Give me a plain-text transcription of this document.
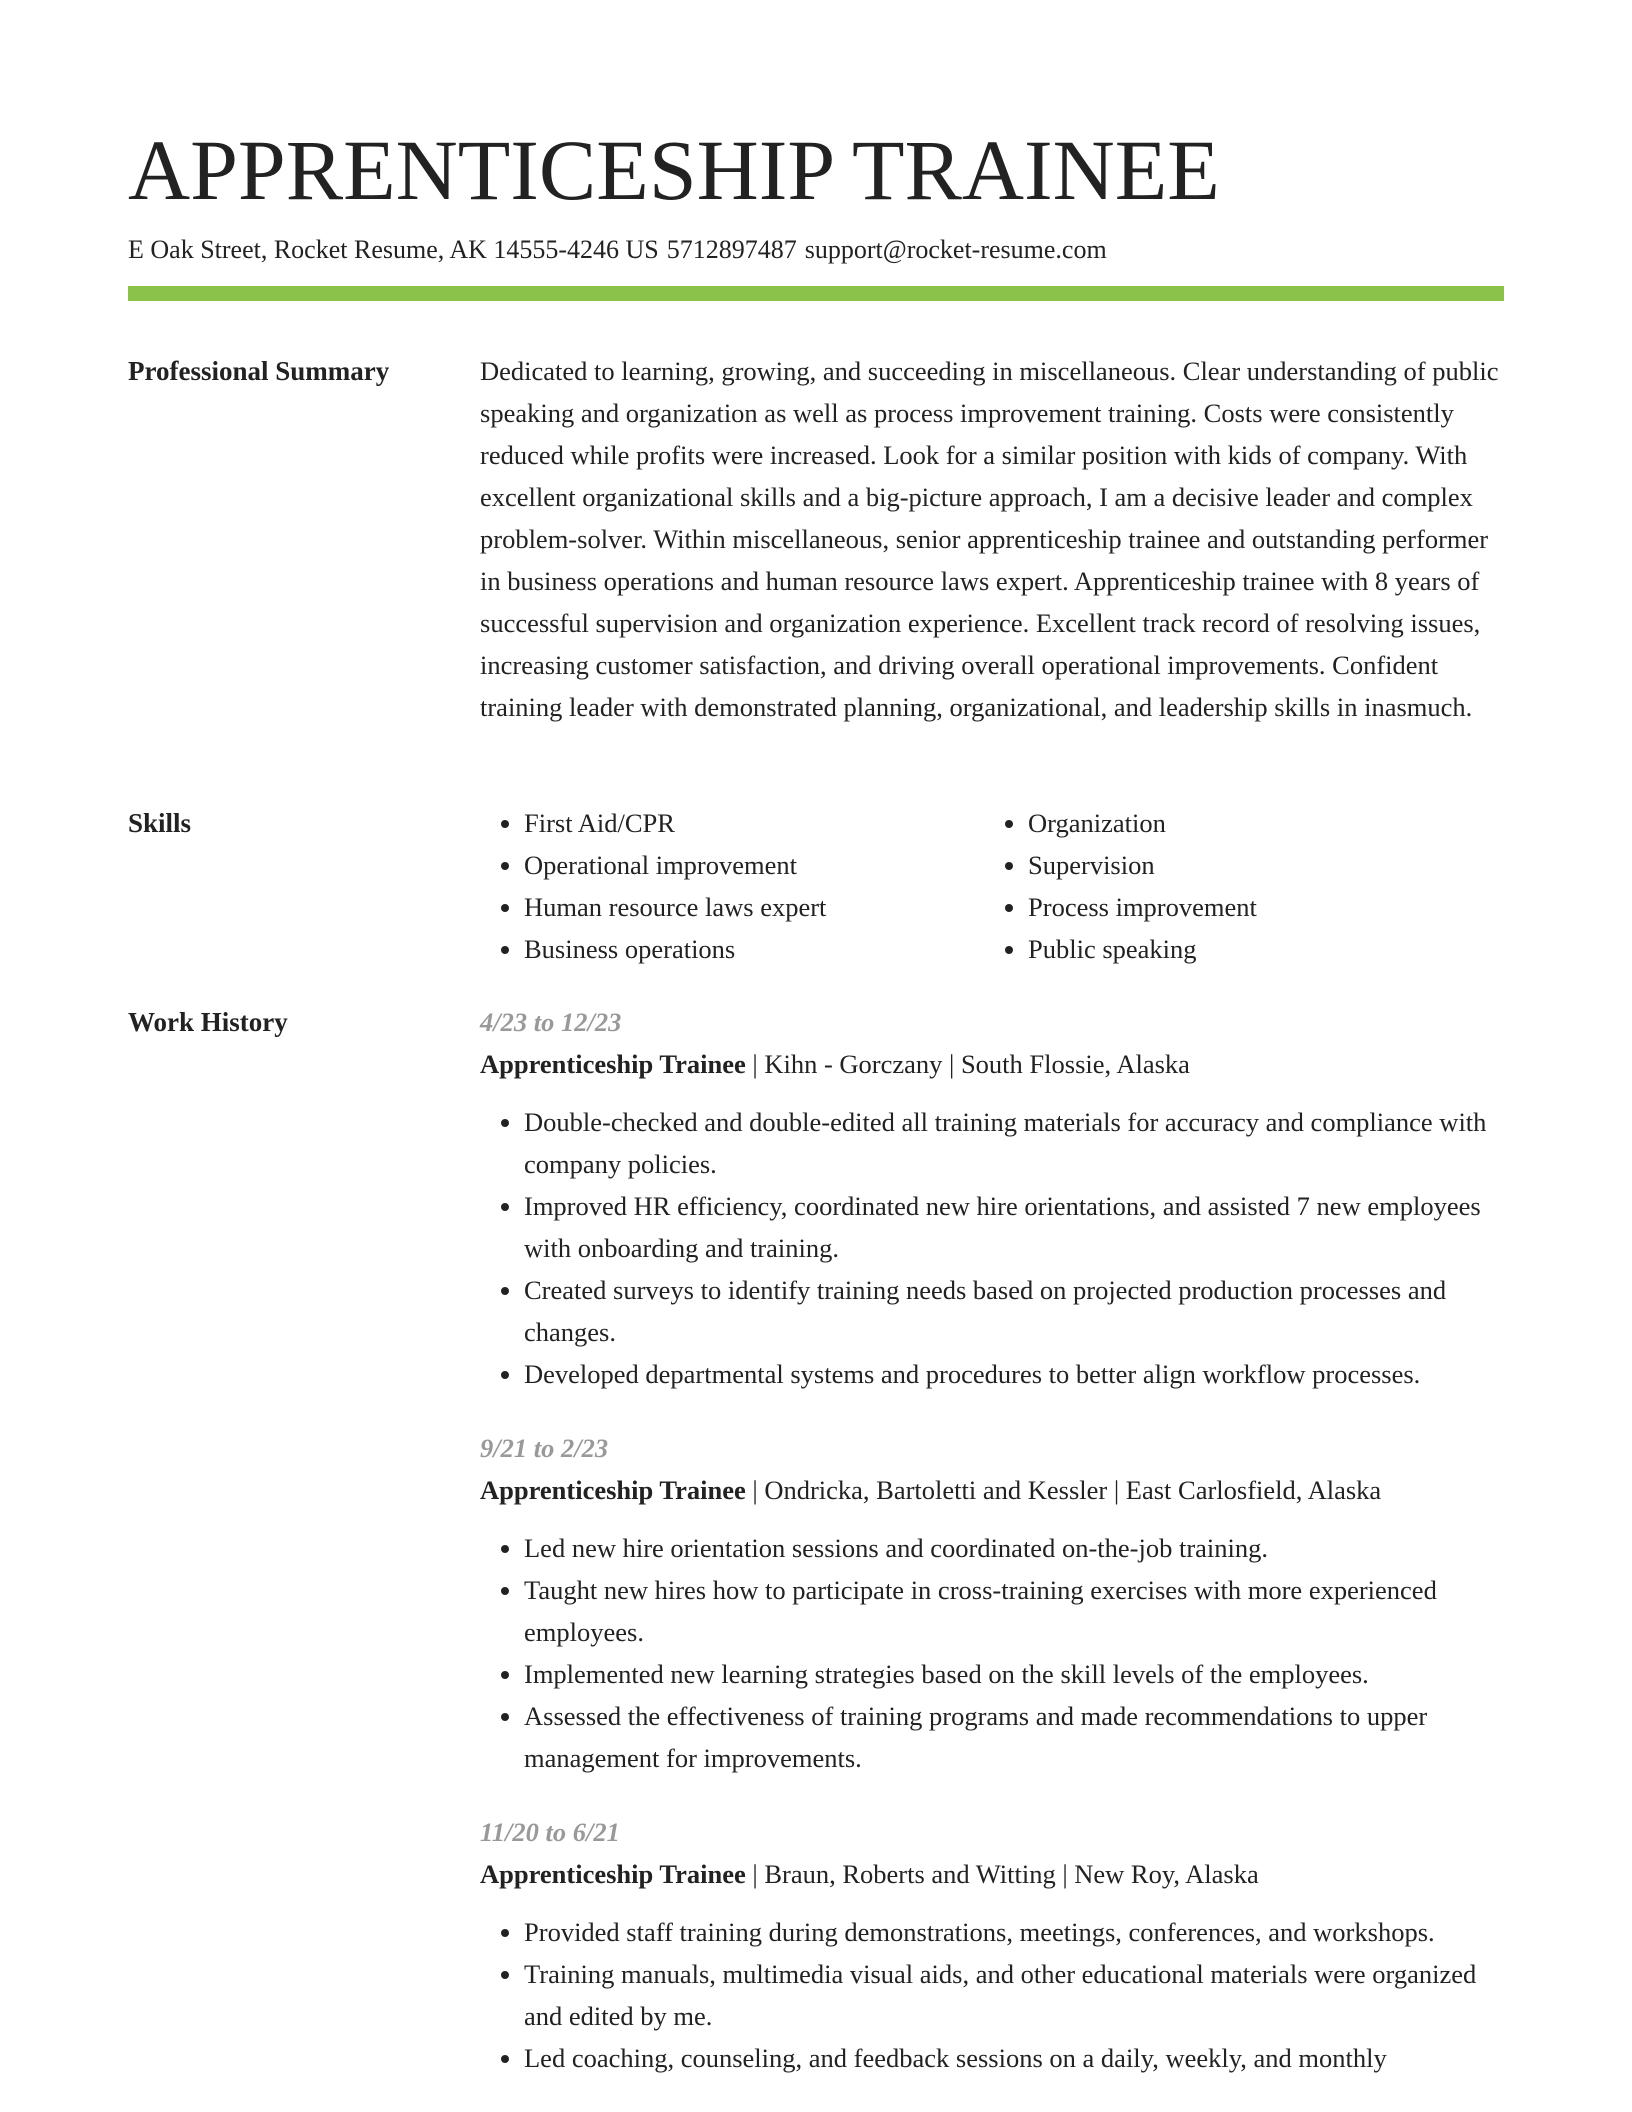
APPRENTICESHIP TRAINEE
E Oak Street, Rocket Resume, AK 14555-4246 US 5712897487 support@rocket-resume.com
Professional Summary	Dedicated to learning, growing, and succeeding in miscellaneous. Clear understanding of public speaking and organization as well as process improvement training. Costs were consistently reduced while profits were increased. Look for a similar position with kids of company. With excellent organizational skills and a big-picture approach, I am a decisive leader and complex problem-solver. Within miscellaneous, senior apprenticeship trainee and outstanding performer in business operations and human resource laws expert. Apprenticeship trainee with 8 years of successful supervision and organization experience. Excellent track record of resolving issues, increasing customer satisfaction, and driving overall operational improvements. Confident training leader with demonstrated planning, organizational, and leadership skills in inasmuch.

Skills
•	First Aid/CPR
• Operational improvement
• Human resource laws expert
• Business operations
• Organization
• Supervision
• Process improvement
• Public speaking
Work History	4/23 to 12/23
Apprenticeship Trainee | Kihn - Gorczany | South Flossie, Alaska
• Double-checked and double-edited all training materials for accuracy and compliance with company policies.
• Improved HR efficiency, coordinated new hire orientations, and assisted 7 new employees with onboarding and training.
• Created surveys to identify training needs based on projected production processes and changes.
• Developed departmental systems and procedures to better align workflow processes.
9/21 to 2/23
Apprenticeship Trainee | Ondricka, Bartoletti and Kessler | East Carlosfield, Alaska
• Led new hire orientation sessions and coordinated on-the-job training.
• Taught new hires how to participate in cross-training exercises with more experienced employees.
• Implemented new learning strategies based on the skill levels of the employees.
• Assessed the effectiveness of training programs and made recommendations to upper management for improvements.
11/20 to 6/21
Apprenticeship Trainee | Braun, Roberts and Witting | New Roy, Alaska
• Provided staff training during demonstrations, meetings, conferences, and workshops.
• Training manuals, multimedia visual aids, and other educational materials were organized and edited by me.
• Led coaching, counseling, and feedback sessions on a daily, weekly, and monthly
